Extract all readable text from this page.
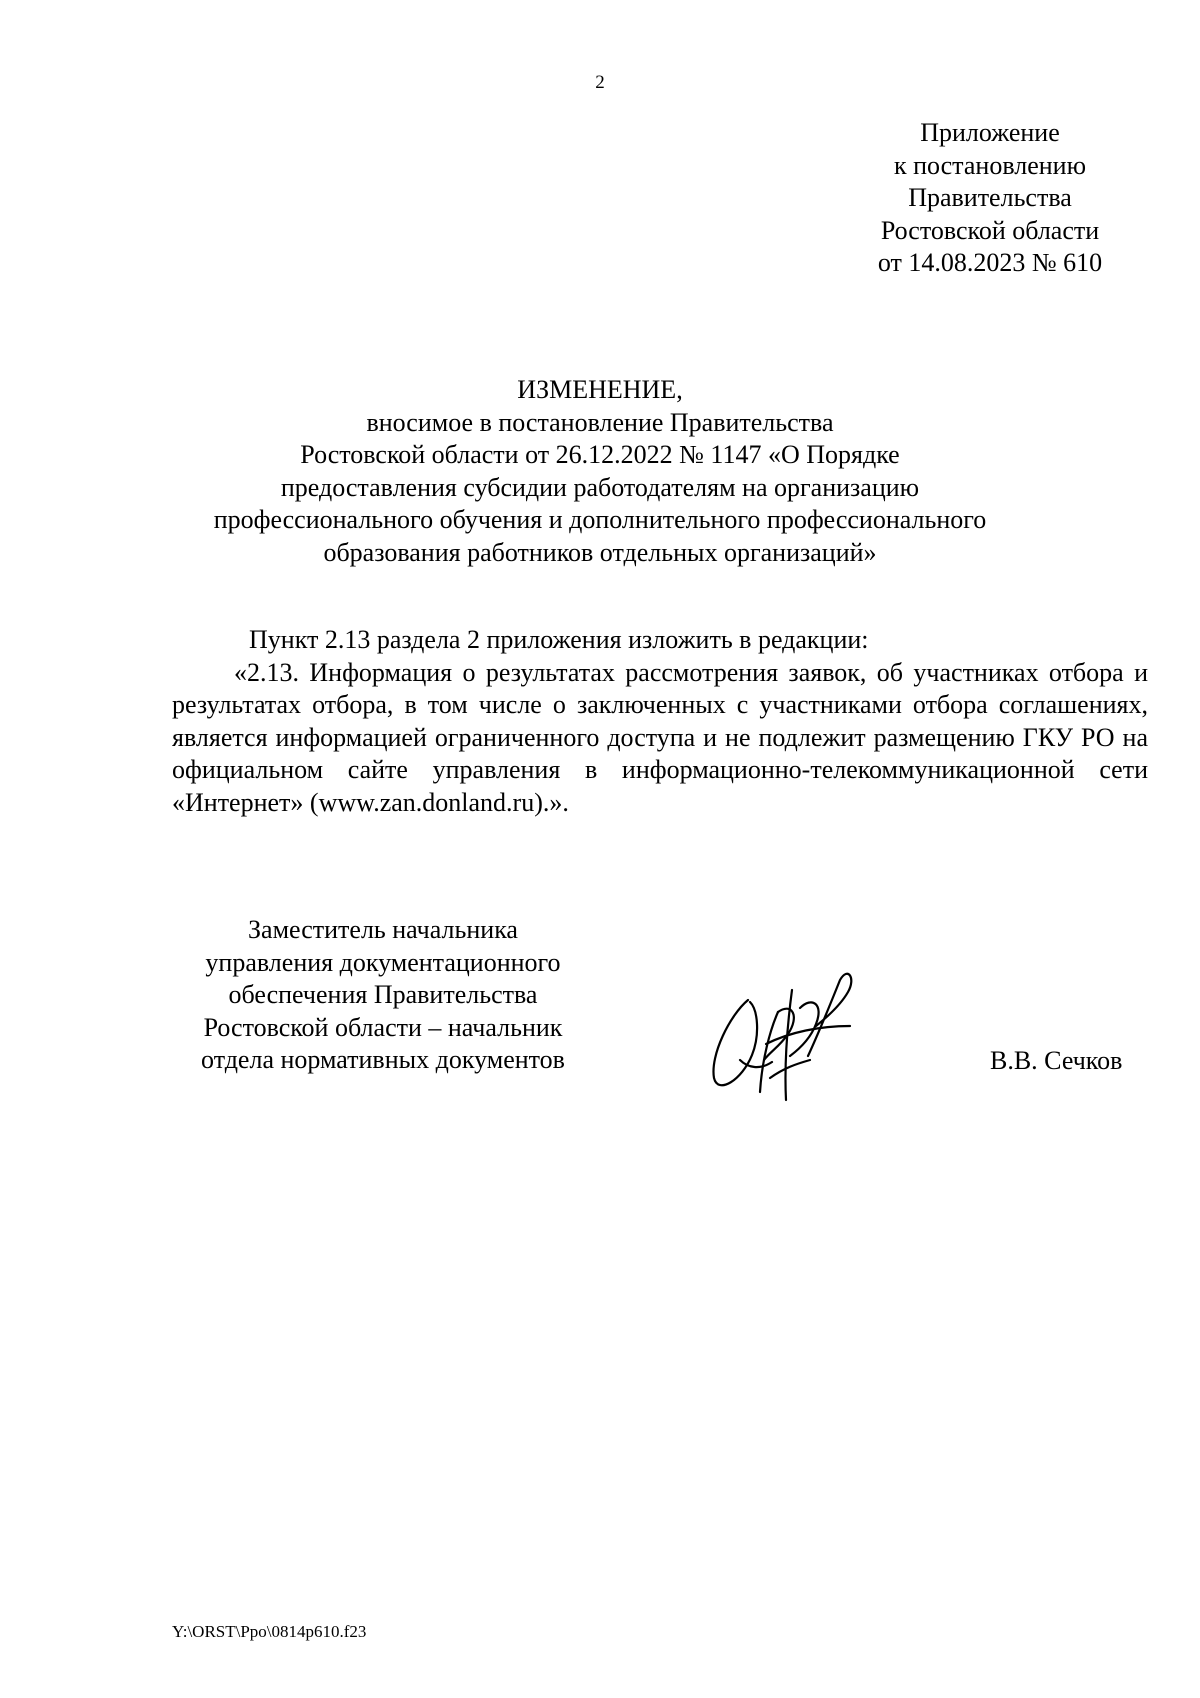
2
Приложение
к постановлению
Правительства
Ростовской области
от 14.08.2023 № 610
ИЗМЕНЕНИЕ,
вносимое в постановление Правительства
Ростовской области от 26.12.2022 № 1147 «О Порядке
предоставления субсидии работодателям на организацию
профессионального обучения и дополнительного профессионального
образования работников отдельных организаций»
Пункт 2.13 раздела 2 приложения изложить в редакции:

«2.13. Информация о результатах рассмотрения заявок, об участниках отбора и результатах отбора, в том числе о заключенных с участниками отбора соглашениях, является информацией ограниченного доступа и не подлежит размещению ГКУ РО на официальном сайте управления в информационно-телекоммуникационной сети «Интернет» (www.zan.donland.ru).».

Заместитель начальника
управления документационного
обеспечения Правительства
Ростовской области – начальник
отдела нормативных документов	В.В. Сечков
Y:\ORST\Ppo\0814p610.f23
